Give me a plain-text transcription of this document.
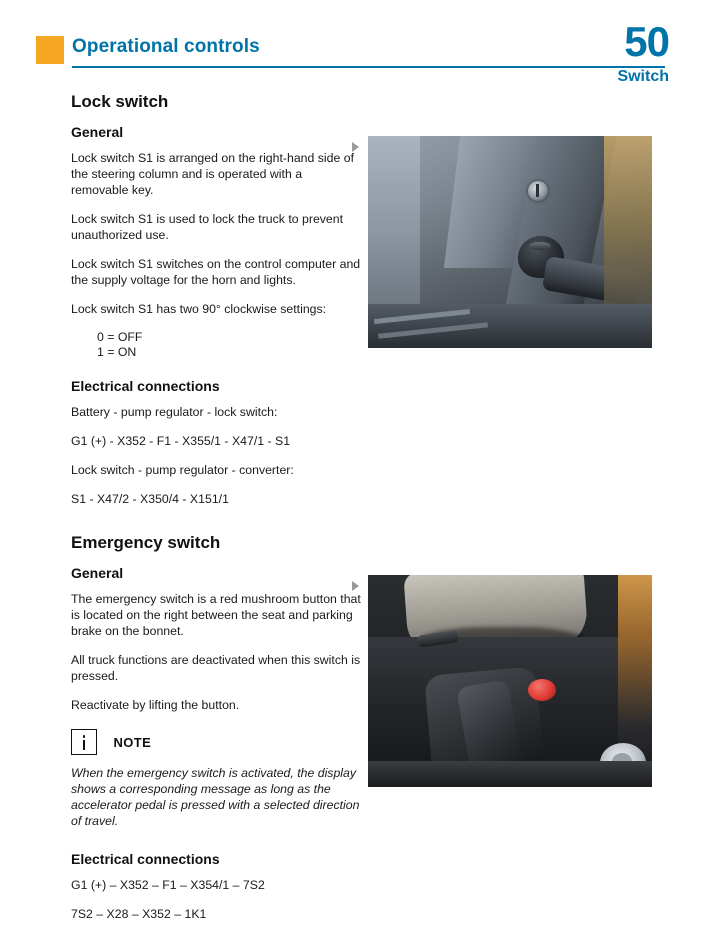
Operational controls	50
Switch
Lock switch
General

Lock switch S1 is arranged on the right-hand side of the steering column and is operated with a removable key.

Lock switch S1 is used to lock the truck to prevent unauthorized use.

Lock switch S1 switches on the control computer and the supply voltage for the horn and lights.

Lock switch S1 has two 90° clockwise settings:

0 = OFF
1 = ON
Electrical connections

Battery - pump regulator - lock switch:

G1 (+) - X352 - F1 - X355/1 - X47/1 - S1

Lock switch - pump regulator - converter:

S1 - X47/2 - X350/4 - X151/1

Emergency switch
General

The emergency switch is a red mushroom button that is located on the right between the seat and parking brake on the bonnet.

All truck functions are deactivated when this switch is pressed.

Reactivate by lifting the button.

NOTE

When the emergency switch is activated, the display shows a corresponding message as long as the accelerator pedal is pressed with a selected direction of travel.

Electrical connections

G1 (+) – X352 – F1 – X354/1 – 7S2

7S2 – X28 – X352 – 1K1
